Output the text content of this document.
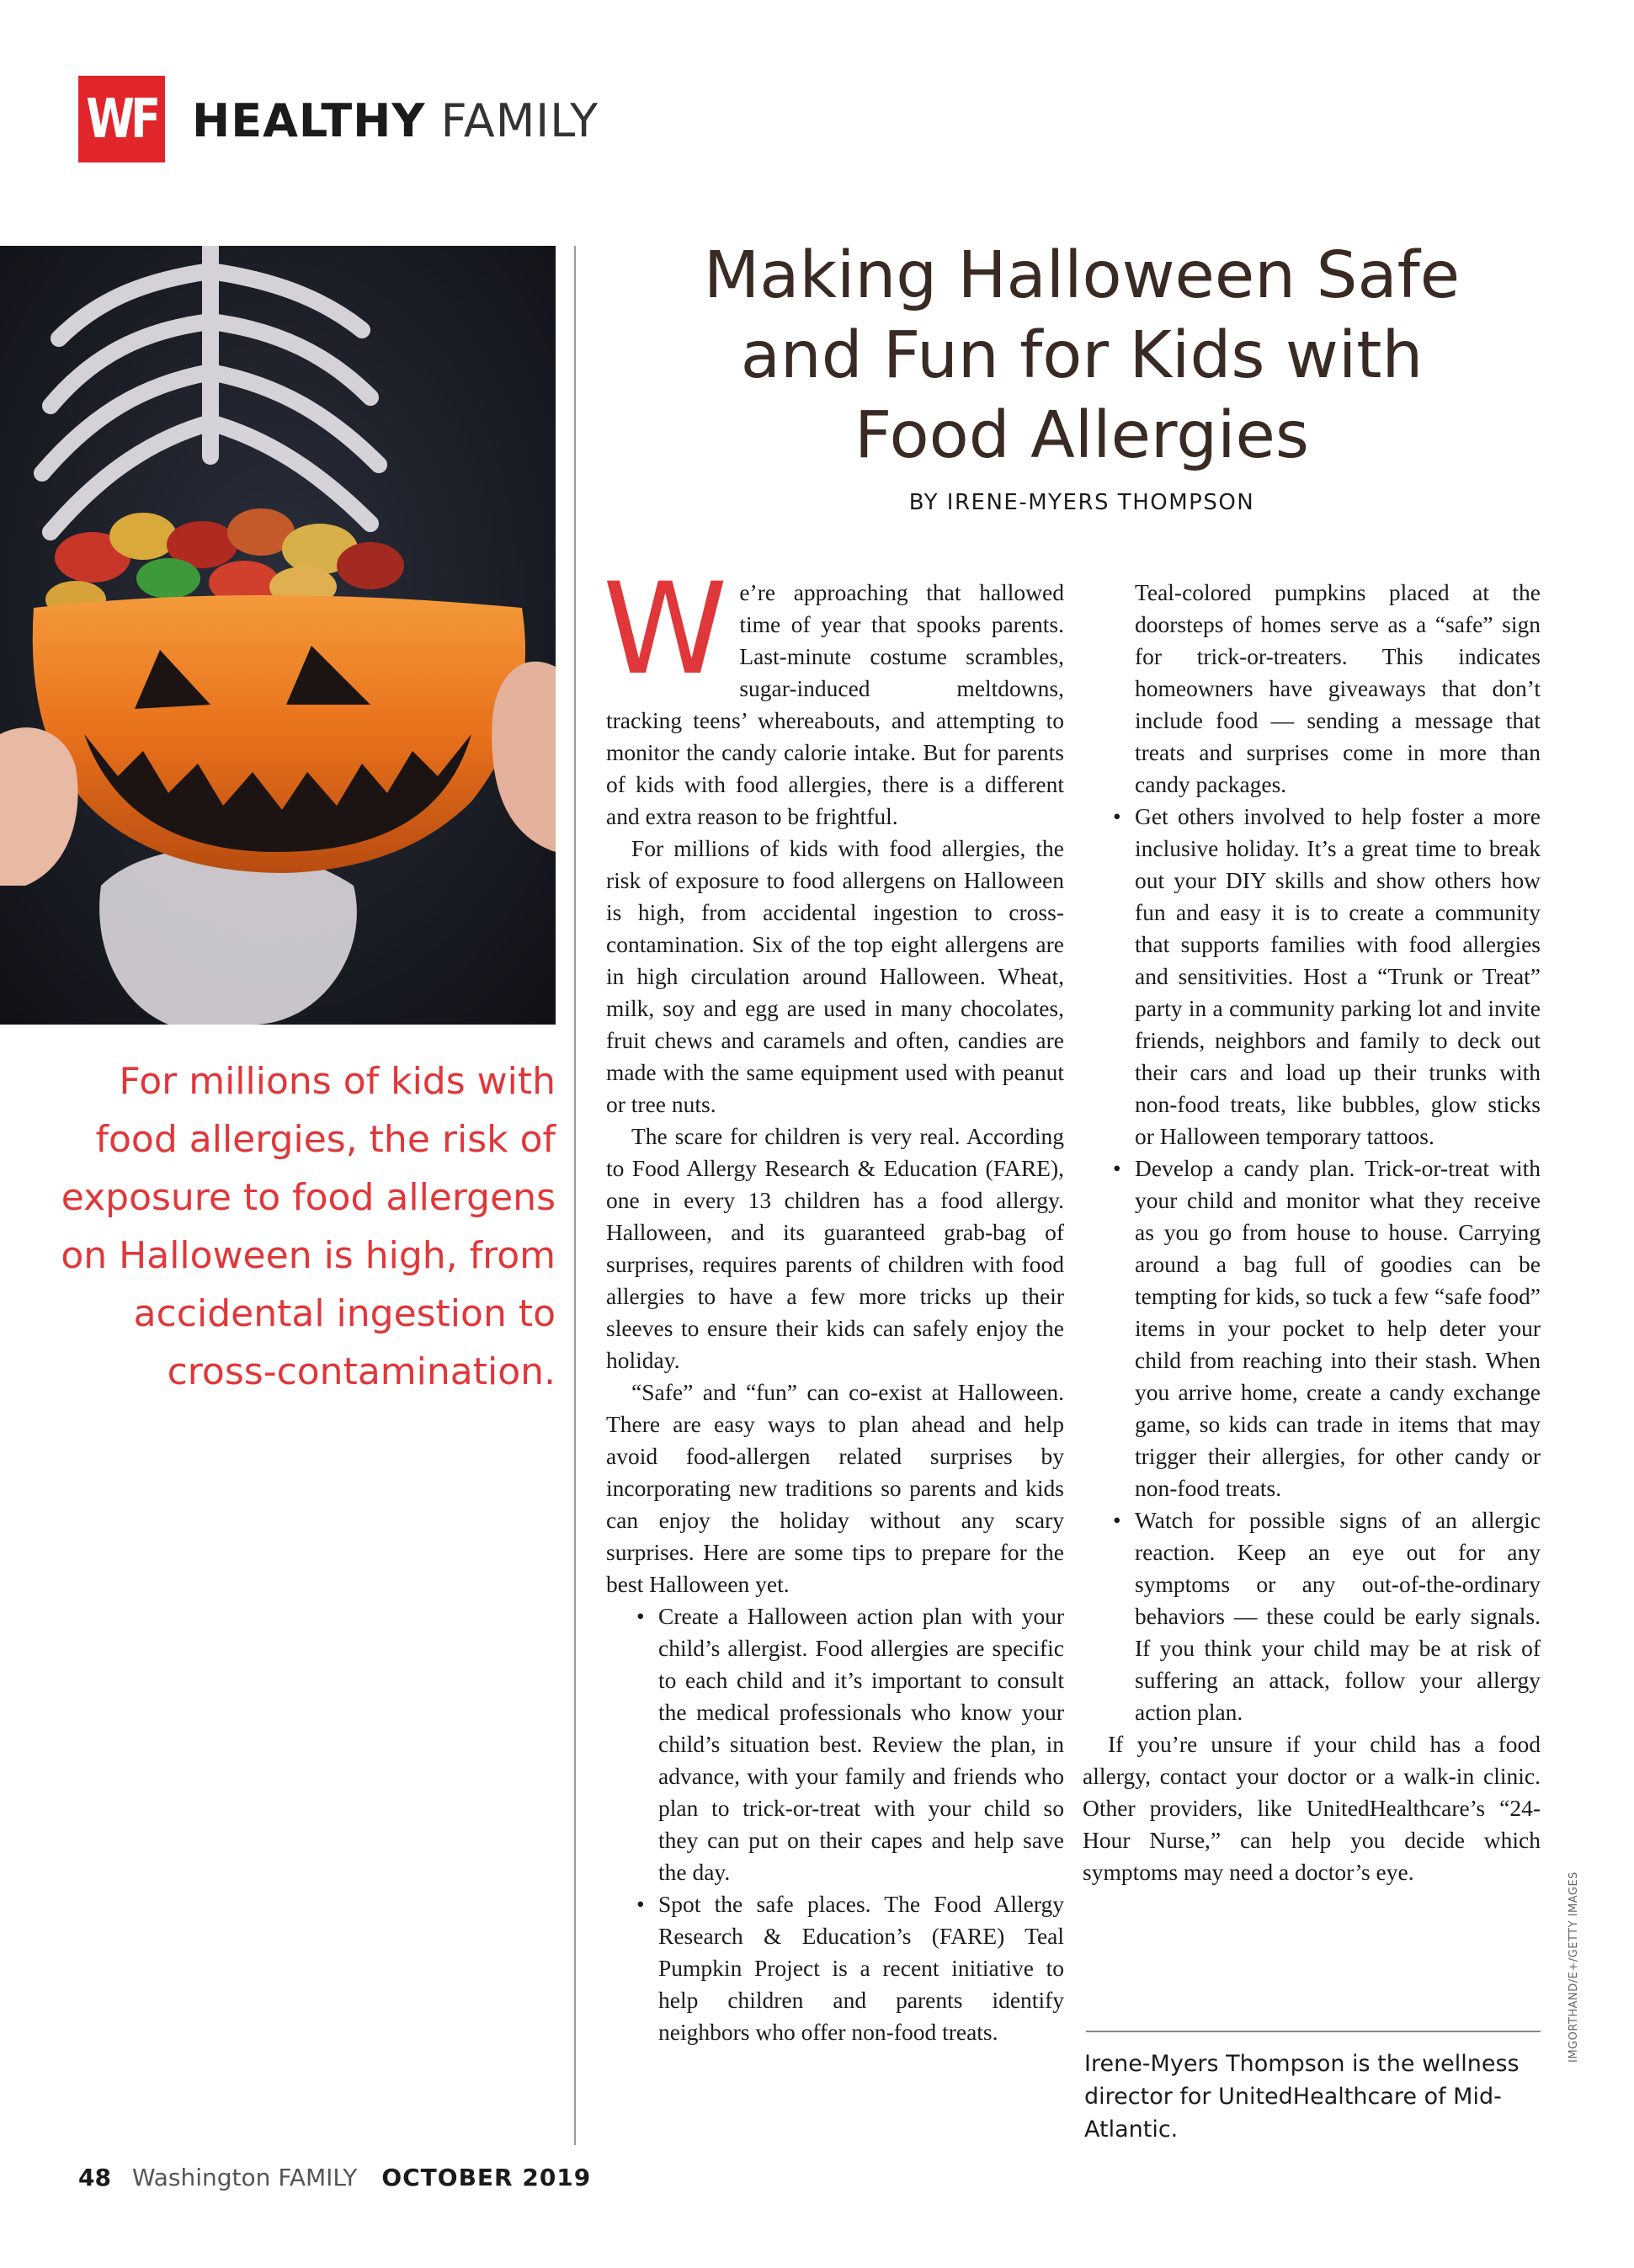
WF HEALTHY FAMILY
For millions of kids with food allergies, the risk of exposure to food allergens on Halloween is high, from accidental ingestion to cross-contamination.
Making Halloween Safe
and Fun for Kids with
Food Allergies
BY IRENE-MYERS THOMPSON

We’re approaching that hallowed time of year that spooks parents. Last-minute costume scrambles, sugar-induced meltdowns, tracking teens’ whereabouts, and attempting to monitor the candy calorie intake. But for parents of kids with food allergies, there is a different and extra reason to be frightful.

For millions of kids with food allergies, the risk of exposure to food allergens on Halloween is high, from accidental ingestion to cross-contamination. Six of the top eight allergens are in high circulation around Halloween. Wheat, milk, soy and egg are used in many chocolates, fruit chews and caramels and often, candies are made with the same equipment used with peanut or tree nuts.

The scare for children is very real. According to Food Allergy Research & Education (FARE), one in every 13 children has a food allergy. Halloween, and its guaranteed grab-bag of surprises, requires parents of children with food allergies to have a few more tricks up their sleeves to ensure their kids can safely enjoy the holiday.

“Safe” and “fun” can co-exist at Halloween. There are easy ways to plan ahead and help avoid food-allergen related surprises by incorporating new traditions so parents and kids can enjoy the holiday without any scary surprises. Here are some tips to prepare for the best Halloween yet.

• Create a Halloween action plan with your child’s allergist. Food allergies are specific to each child and it’s important to consult the medical professionals who know your child’s situation best. Review the plan, in advance, with your family and friends who plan to trick-or-treat with your child so they can put on their capes and help save the day.
• Spot the safe places. The Food Allergy Research & Education’s (FARE) Teal Pumpkin Project is a recent initiative to help children and parents identify neighbors who offer non-food treats.

Teal-colored pumpkins placed at the doorsteps of homes serve as a “safe” sign for trick-or-treaters. This indicates homeowners have giveaways that don’t include food — sending a message that treats and surprises come in more than candy packages.

• Get others involved to help foster a more inclusive holiday. It’s a great time to break out your DIY skills and show others how fun and easy it is to create a community that supports families with food allergies and sensitivities. Host a “Trunk or Treat” party in a community parking lot and invite friends, neighbors and family to deck out their cars and load up their trunks with non-food treats, like bubbles, glow sticks or Halloween temporary tattoos.
• Develop a candy plan. Trick-or-treat with your child and monitor what they receive as you go from house to house. Carrying around a bag full of goodies can be tempting for kids, so tuck a few “safe food” items in your pocket to help deter your child from reaching into their stash. When you arrive home, create a candy exchange game, so kids can trade in items that may trigger their allergies, for other candy or non-food treats.
• Watch for possible signs of an allergic reaction. Keep an eye out for any symptoms or any out-of-the-ordinary behaviors — these could be early signals. If you think your child may be at risk of suffering an attack, follow your allergy action plan.

If you’re unsure if your child has a food allergy, contact your doctor or a walk-in clinic. Other providers, like UnitedHealthcare’s “24-Hour Nurse,” can help you decide which symptoms may need a doctor’s eye.

Irene-Myers Thompson is the wellness director for UnitedHealthcare of Mid-Atlantic.
IMGORTHAND/E+/GETTY IMAGES
48 Washington FAMILY OCTOBER 2019
